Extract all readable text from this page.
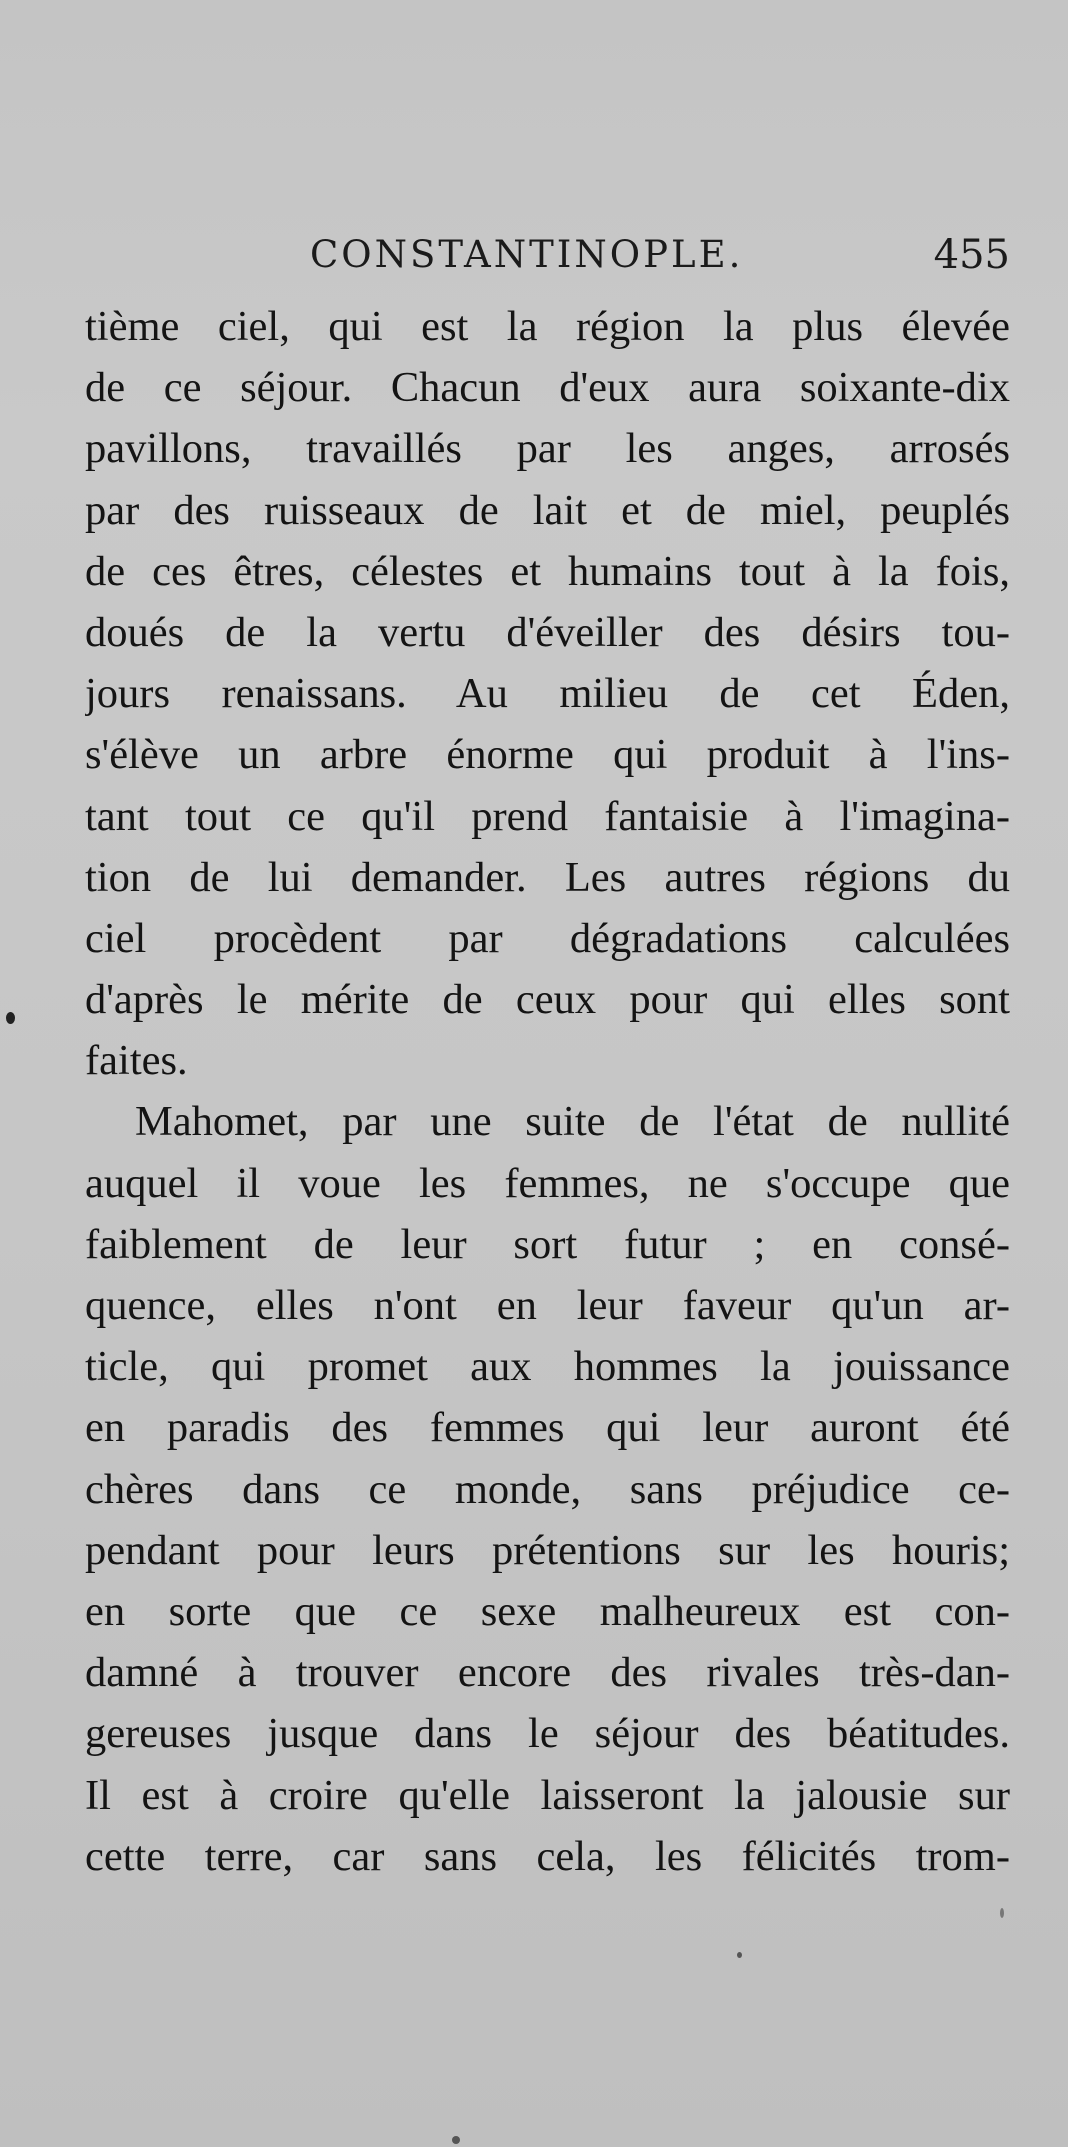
CONSTANTINOPLE.	455
tième ciel, qui est la région la plus élevée
de ce séjour. Chacun d'eux aura soixante-dix
pavillons, travaillés par les anges, arrosés
par des ruisseaux de lait et de miel, peuplés
de ces êtres, célestes et humains tout à la fois,
doués de la vertu d'éveiller des désirs tou-
jours renaissans. Au milieu de cet Éden,
s'élève un arbre énorme qui produit à l'ins-
tant tout ce qu'il prend fantaisie à l'imagina-
tion de lui demander. Les autres régions du
ciel procèdent par dégradations calculées
d'après le mérite de ceux pour qui elles sont
faites.
Mahomet, par une suite de l'état de nullité
auquel il voue les femmes, ne s'occupe que
faiblement de leur sort futur ; en consé-
quence, elles n'ont en leur faveur qu'un ar-
ticle, qui promet aux hommes la jouissance
en paradis des femmes qui leur auront été
chères dans ce monde, sans préjudice ce-
pendant pour leurs prétentions sur les houris;
en sorte que ce sexe malheureux est con-
damné à trouver encore des rivales très-dan-
gereuses jusque dans le séjour des béatitudes.
Il est à croire qu'elle laisseront la jalousie sur
cette terre, car sans cela, les félicités trom-
